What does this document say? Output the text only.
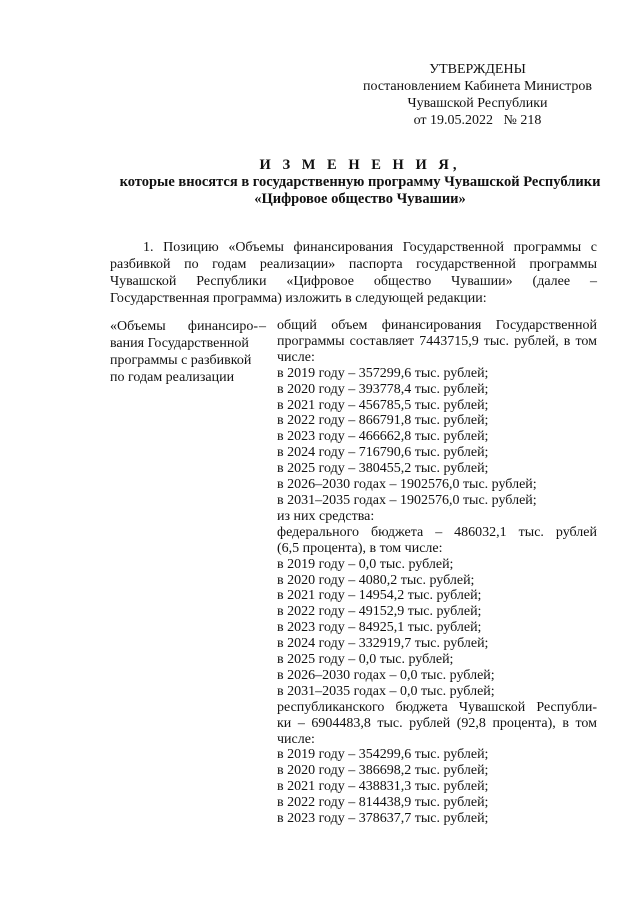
УТВЕРЖДЕНЫ
постановлением Кабинета Министров
Чувашской Республики
от 19.05.2022   № 218
И З М Е Н Е Н И Я,
которые вносятся в государственную программу Чувашской Республики
«Цифровое общество Чувашии»
1. Позицию «Объемы финансирования Государственной программы с разбивкой по годам реализации» паспорта государственной программы Чувашской Республики «Цифровое общество Чувашии» (далее – Государственная программа) изложить в следующей редакции:
«Объемы финансиро-
вания Государственной
программы с разбивкой
по годам реализации
– общий объем финансирования Государственной
программы составляет 7443715,9 тыс. рублей, в том
числе:
в 2019 году – 357299,6 тыс. рублей;
в 2020 году – 393778,4 тыс. рублей;
в 2021 году – 456785,5 тыс. рублей;
в 2022 году – 866791,8 тыс. рублей;
в 2023 году – 466662,8 тыс. рублей;
в 2024 году – 716790,6 тыс. рублей;
в 2025 году – 380455,2 тыс. рублей;
в 2026–2030 годах – 1902576,0 тыс. рублей;
в 2031–2035 годах – 1902576,0 тыс. рублей;
из них средства:
федерального бюджета – 486032,1 тыс. рублей
(6,5 процента), в том числе:
в 2019 году – 0,0 тыс. рублей;
в 2020 году – 4080,2 тыс. рублей;
в 2021 году – 14954,2 тыс. рублей;
в 2022 году – 49152,9 тыс. рублей;
в 2023 году – 84925,1 тыс. рублей;
в 2024 году – 332919,7 тыс. рублей;
в 2025 году – 0,0 тыс. рублей;
в 2026–2030 годах – 0,0 тыс. рублей;
в 2031–2035 годах – 0,0 тыс. рублей;
республиканского бюджета Чувашской Республи-
ки – 6904483,8 тыс. рублей (92,8 процента), в том
числе:
в 2019 году – 354299,6 тыс. рублей;
в 2020 году – 386698,2 тыс. рублей;
в 2021 году – 438831,3 тыс. рублей;
в 2022 году – 814438,9 тыс. рублей;
в 2023 году – 378637,7 тыс. рублей;
